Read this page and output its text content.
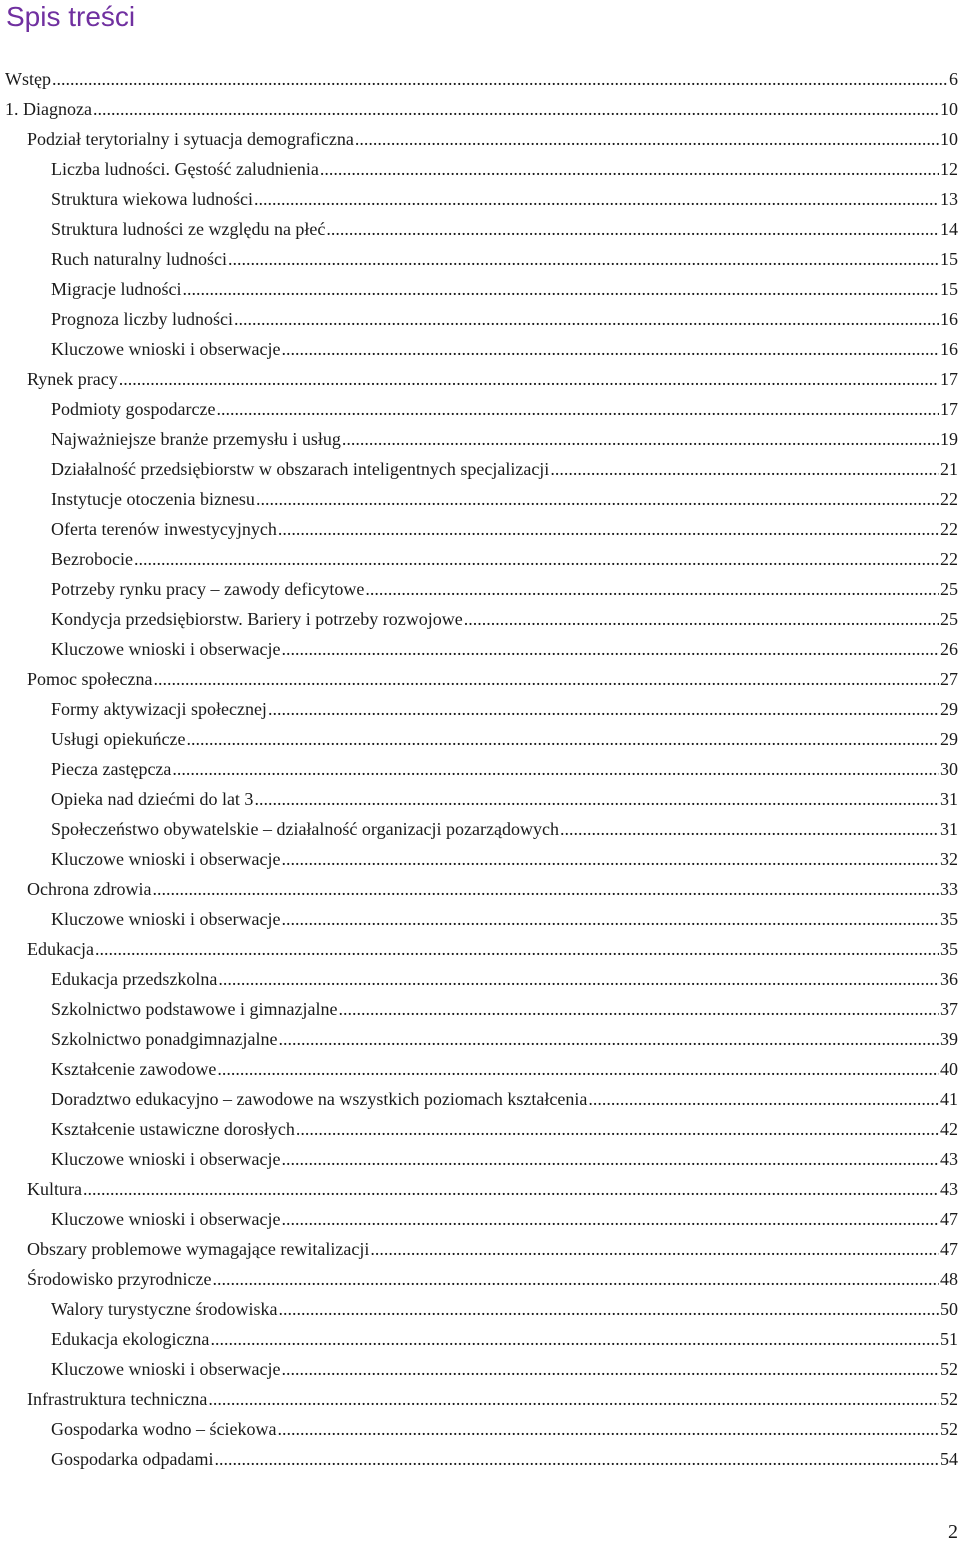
Spis treści
Wstęp .....	6
1. Diagnoza .....	10
Podział terytorialny i sytuacja demograficzna .....	10
Liczba ludności. Gęstość zaludnienia .....	12
Struktura wiekowa ludności .....	13
Struktura ludności ze względu na płeć .....	14
Ruch naturalny ludności .....	15
Migracje ludności .....	15
Prognoza liczby ludności .....	16
Kluczowe wnioski i obserwacje .....	16
Rynek pracy .....	17
Podmioty gospodarcze .....	17
Najważniejsze branże przemysłu i usług .....	19
Działalność przedsiębiorstw w obszarach inteligentnych specjalizacji .....	21
Instytucje otoczenia biznesu .....	22
Oferta terenów inwestycyjnych .....	22
Bezrobocie .....	22
Potrzeby rynku pracy – zawody deficytowe .....	25
Kondycja przedsiębiorstw. Bariery i potrzeby rozwojowe .....	25
Kluczowe wnioski i obserwacje .....	26
Pomoc społeczna .....	27
Formy aktywizacji społecznej .....	29
Usługi opiekuńcze .....	29
Piecza zastępcza .....	30
Opieka nad dziećmi do lat 3 .....	31
Społeczeństwo obywatelskie – działalność organizacji pozarządowych .....	31
Kluczowe wnioski i obserwacje .....	32
Ochrona zdrowia .....	33
Kluczowe wnioski i obserwacje .....	35
Edukacja .....	35
Edukacja przedszkolna .....	36
Szkolnictwo podstawowe i gimnazjalne .....	37
Szkolnictwo ponadgimnazjalne .....	39
Kształcenie zawodowe .....	40
Doradztwo edukacyjno – zawodowe na wszystkich poziomach kształcenia .....	41
Kształcenie ustawiczne dorosłych .....	42
Kluczowe wnioski i obserwacje .....	43
Kultura .....	43
Kluczowe wnioski i obserwacje .....	47
Obszary problemowe wymagające rewitalizacji .....	47
Środowisko przyrodnicze .....	48
Walory turystyczne środowiska .....	50
Edukacja ekologiczna .....	51
Kluczowe wnioski i obserwacje .....	52
Infrastruktura techniczna .....	52
Gospodarka wodno – ściekowa .....	52
Gospodarka odpadami .....	54
2
